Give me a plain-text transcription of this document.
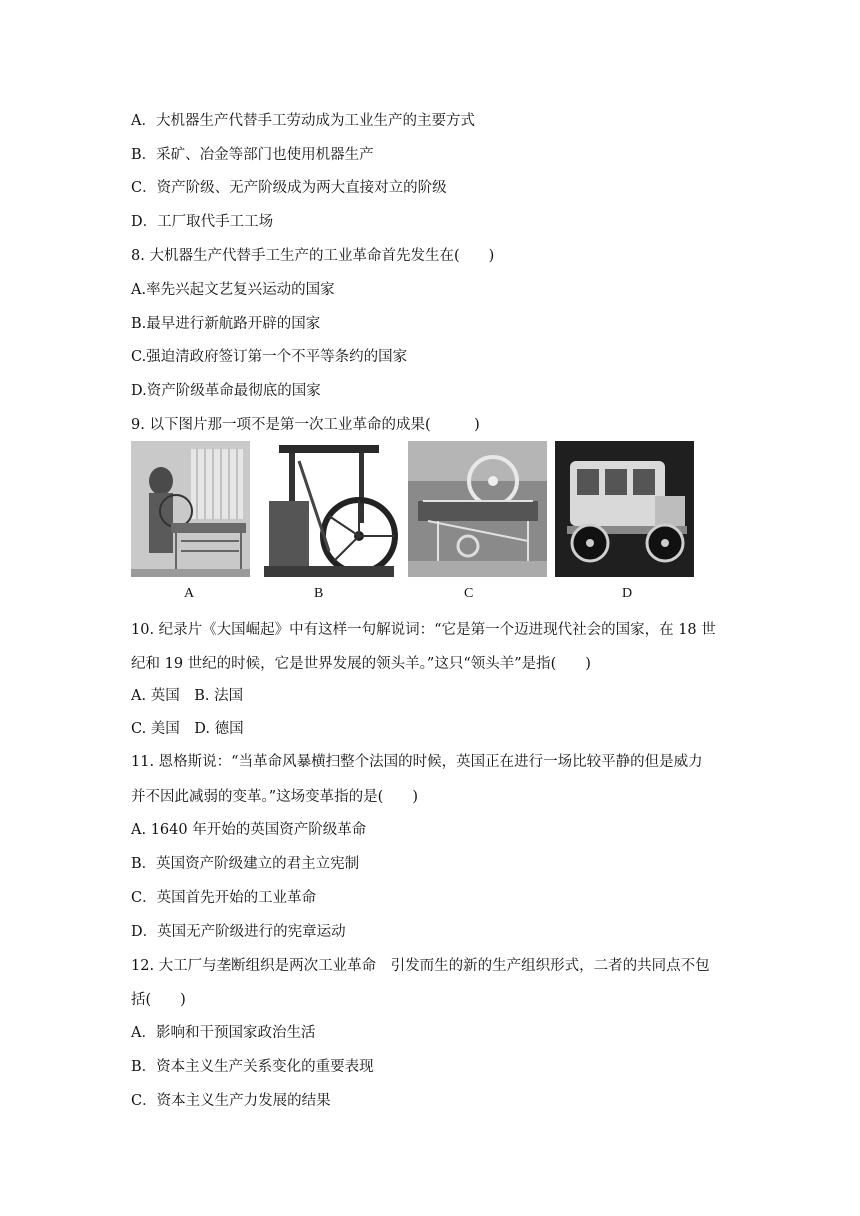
A．大机器生产代替手工劳动成为工业生产的主要方式
B．采矿、冶金等部门也使用机器生产
C．资产阶级、无产阶级成为两大直接对立的阶级
D．工厂取代手工工场
8. 大机器生产代替手工生产的工业革命首先发生在(　　)
A.率先兴起文艺复兴运动的国家
B.最早进行新航路开辟的国家
C.强迫清政府签订第一个不平等条约的国家
D.资产阶级革命最彻底的国家
9. 以下图片那一项不是第一次工业革命的成果(　　　)
A	B	C	D
10. 纪录片《大国崛起》中有这样一句解说词：“它是第一个迈进现代社会的国家，在 18 世
纪和 19 世纪的时候，它是世界发展的领头羊。”这只“领头羊”是指(　　)
A. 英国　B. 法国
C. 美国　D. 德国
11. 恩格斯说：“当革命风暴横扫整个法国的时候，英国正在进行一场比较平静的但是威力
并不因此减弱的变革。”这场变革指的是(　　)
A. 1640 年开始的英国资产阶级革命
B．英国资产阶级建立的君主立宪制
C．英国首先开始的工业革命
D．英国无产阶级进行的宪章运动
12. 大工厂与垄断组织是两次工业革命　引发而生的新的生产组织形式，二者的共同点不包
括(　　)
A．影响和干预国家政治生活
B．资本主义生产关系变化的重要表现
C．资本主义生产力发展的结果
